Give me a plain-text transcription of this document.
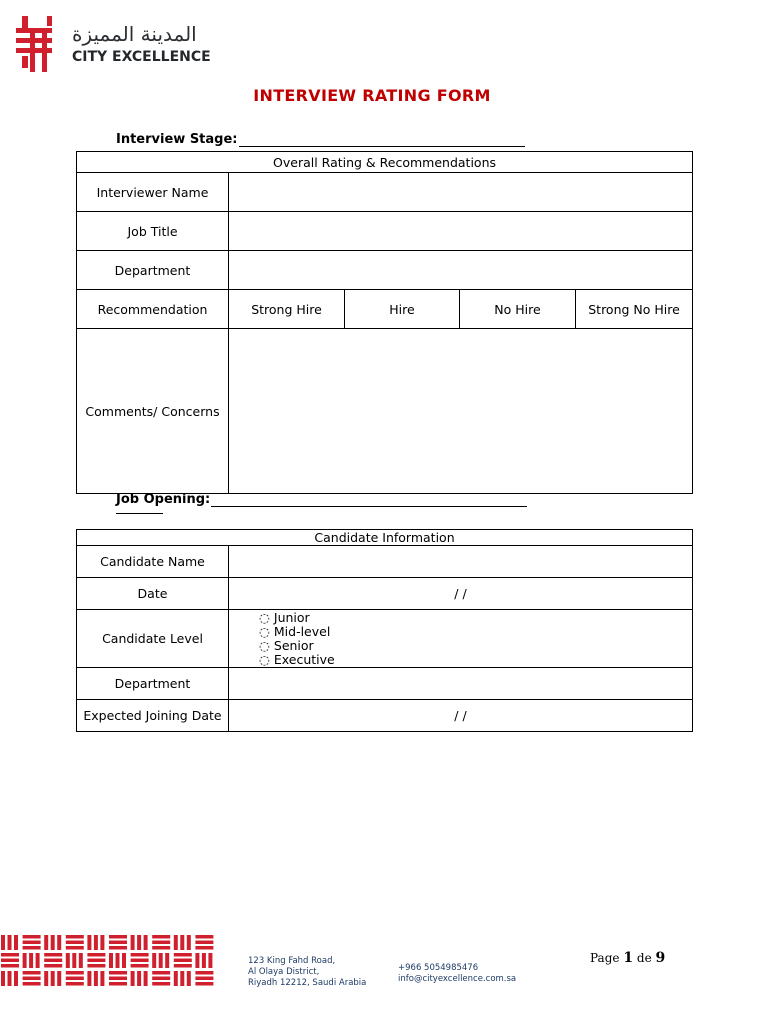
المدينة المميزة
CITY EXCELLENCE
INTERVIEW RATING FORM
Interview Stage:
Overall Rating & Recommendations				
Interviewer Name				
Job Title				
Department				
Recommendation	Strong Hire	Hire	No Hire	Strong No Hire
Comments/ Concerns				
Job Opening:
Candidate Information	
Candidate Name	
Date	/ /
Candidate Level	◌ Junior
◌ Mid-level
◌ Senior
◌ Executive

Department	
Expected Joining Date	/ /
123 King Fahd Road,
Al Olaya District,
Riyadh 12212, Saudi Arabia
+966 5054985476
info@cityexcellence.com.sa
Page 1 de 9
